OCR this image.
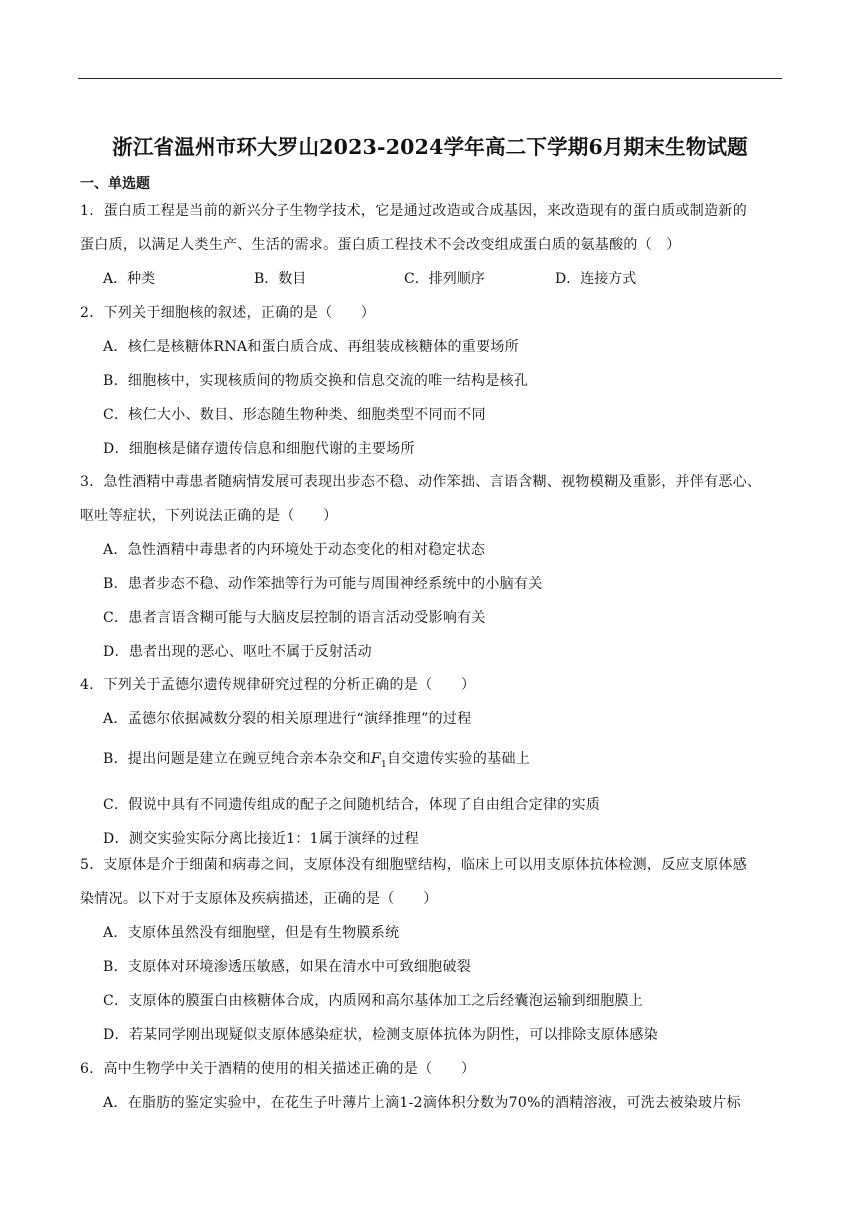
浙江省温州市环大罗山2023-2024学年高二下学期6月期末生物试题
一、单选题
1．蛋白质工程是当前的新兴分子生物学技术，它是通过改造或合成基因，来改造现有的蛋白质或制造新的
蛋白质，以满足人类生产、生活的需求。蛋白质工程技术不会改变组成蛋白质的氨基酸的（　）
A．种类	B．数目	C．排列顺序	D．连接方式
2．下列关于细胞核的叙述，正确的是（　　）
A．核仁是核糖体RNA和蛋白质合成、再组装成核糖体的重要场所
B．细胞核中，实现核质间的物质交换和信息交流的唯一结构是核孔
C．核仁大小、数目、形态随生物种类、细胞类型不同而不同
D．细胞核是储存遗传信息和细胞代谢的主要场所
3．急性酒精中毒患者随病情发展可表现出步态不稳、动作笨拙、言语含糊、视物模糊及重影，并伴有恶心、
呕吐等症状，下列说法正确的是（　　）
A．急性酒精中毒患者的内环境处于动态变化的相对稳定状态
B．患者步态不稳、动作笨拙等行为可能与周围神经系统中的小脑有关
C．患者言语含糊可能与大脑皮层控制的语言活动受影响有关
D．患者出现的恶心、呕吐不属于反射活动
4．下列关于孟德尔遗传规律研究过程的分析正确的是（　　）
A．孟德尔依据减数分裂的相关原理进行“演绎推理”的过程
B．提出问题是建立在豌豆纯合亲本杂交和$F_1$自交遗传实验的基础上
C．假说中具有不同遗传组成的配子之间随机结合，体现了自由组合定律的实质
D．测交实验实际分离比接近1：1属于演绎的过程
5．支原体是介于细菌和病毒之间，支原体没有细胞壁结构，临床上可以用支原体抗体检测，反应支原体感
染情况。以下对于支原体及疾病描述，正确的是（　　）
A．支原体虽然没有细胞壁，但是有生物膜系统
B．支原体对环境渗透压敏感，如果在清水中可致细胞破裂
C．支原体的膜蛋白由核糖体合成，内质网和高尔基体加工之后经囊泡运输到细胞膜上
D．若某同学刚出现疑似支原体感染症状，检测支原体抗体为阴性，可以排除支原体感染
6．高中生物学中关于酒精的使用的相关描述正确的是（　　）
A．在脂肪的鉴定实验中，在花生子叶薄片上滴1-2滴体积分数为70%的酒精溶液，可洗去被染玻片标
